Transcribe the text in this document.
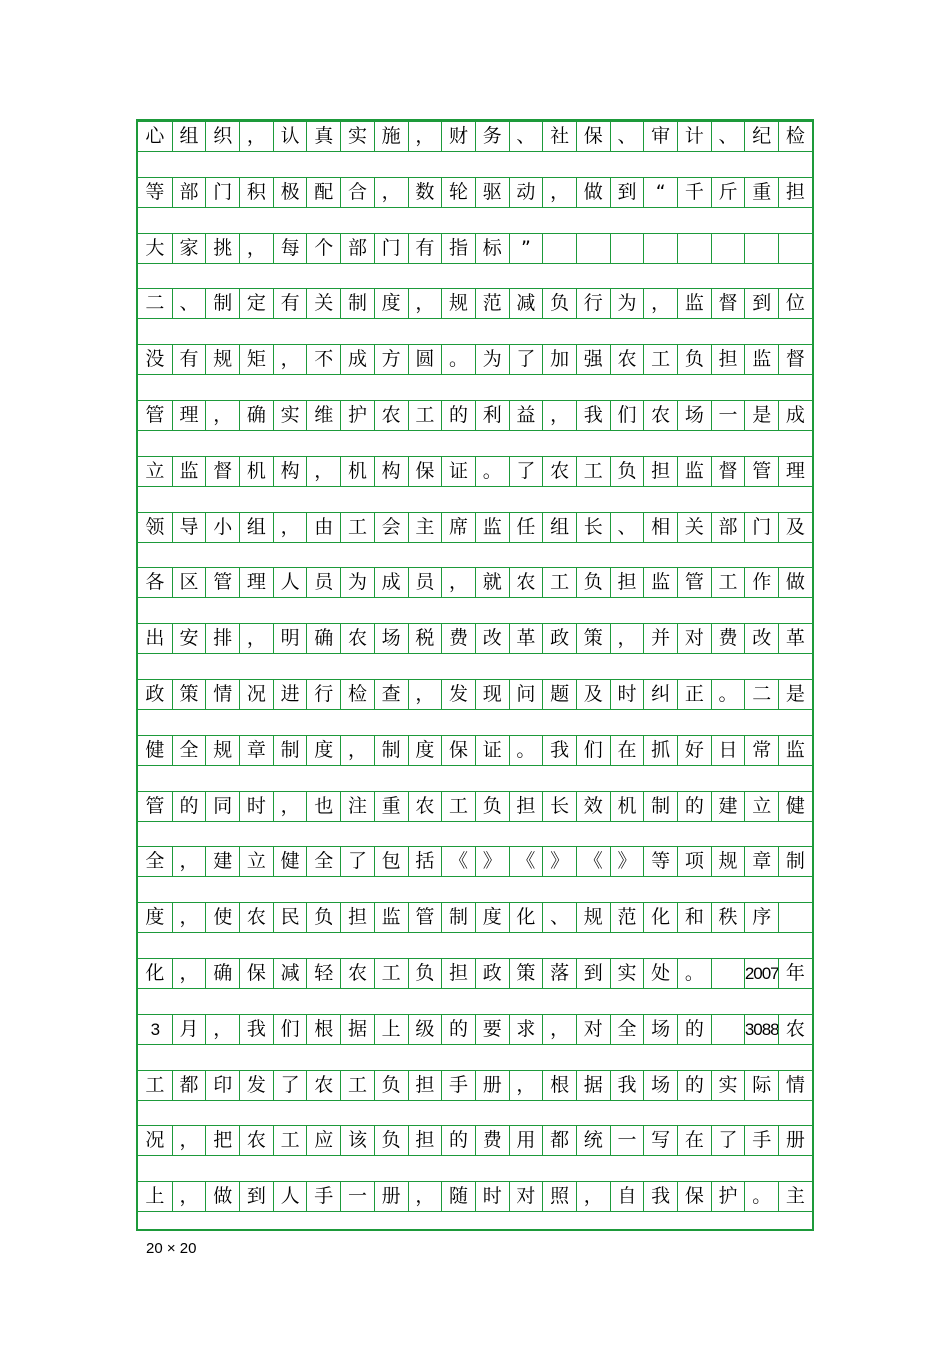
心 组 织 ， 认 真 实 施 ， 财 务 、 社 保 、 审 计 、 纪 检
等 部 门 积 极 配 合 ， 数 轮 驱 动 ， 做 到	“	千 斤 重 担
大 家 挑 ， 每 个 部 门 有 指 标	”
二 、 制 定 有 关 制 度 ， 规 范 减 负 行 为 ， 监 督 到 位
没 有 规 矩 ， 不 成 方 圆 。 为 了 加 强 农 工 负 担 监 督
管 理 ， 确 实 维 护 农 工 的 利 益 ， 我 们 农 场 一 是 成
立 监 督 机 构 ， 机 构 保 证 。 了 农 工 负 担 监 督 管 理
领 导 小 组 ， 由 工 会 主 席 监 任 组 长 、 相 关 部 门 及
各 区 管 理 人 员 为 成 员 ， 就 农 工 负 担 监 管 工 作 做
出 安 排 ， 明 确 农 场 税 费 改 革 政 策 ， 并 对 费 改 革
政 策 情 况 进 行 检 查 ， 发 现 问 题 及 时 纠 正 。 二 是
健 全 规 章 制 度 ， 制 度 保 证 。 我 们 在 抓 好 日 常 监
管 的 同 时 ， 也 注 重 农 工 负 担 长 效 机 制 的 建 立 健
全 ， 建 立 健 全 了 包 括 《 》 《 》 《 》 等 项 规 章 制
度 ， 使 农 民 负 担 监 管 制 度 化 、 规 范 化 和 秩 序
化 ， 确 保 减 轻 农 工 负 担 政 策 落 到 实 处 。	2007 年
3	月 ， 我 们 根 据 上 级 的 要 求 ， 对 全 场 的	3088 农
工 都 印 发 了 农 工 负 担 手 册 ， 根 据 我 场 的 实 际 情
况 ， 把 农 工 应 该 负 担 的 费 用 都 统 一 写 在 了 手 册
上 ， 做 到 人 手 一 册 ， 随 时 对 照 ， 自 我 保 护 。 主
20 × 20
